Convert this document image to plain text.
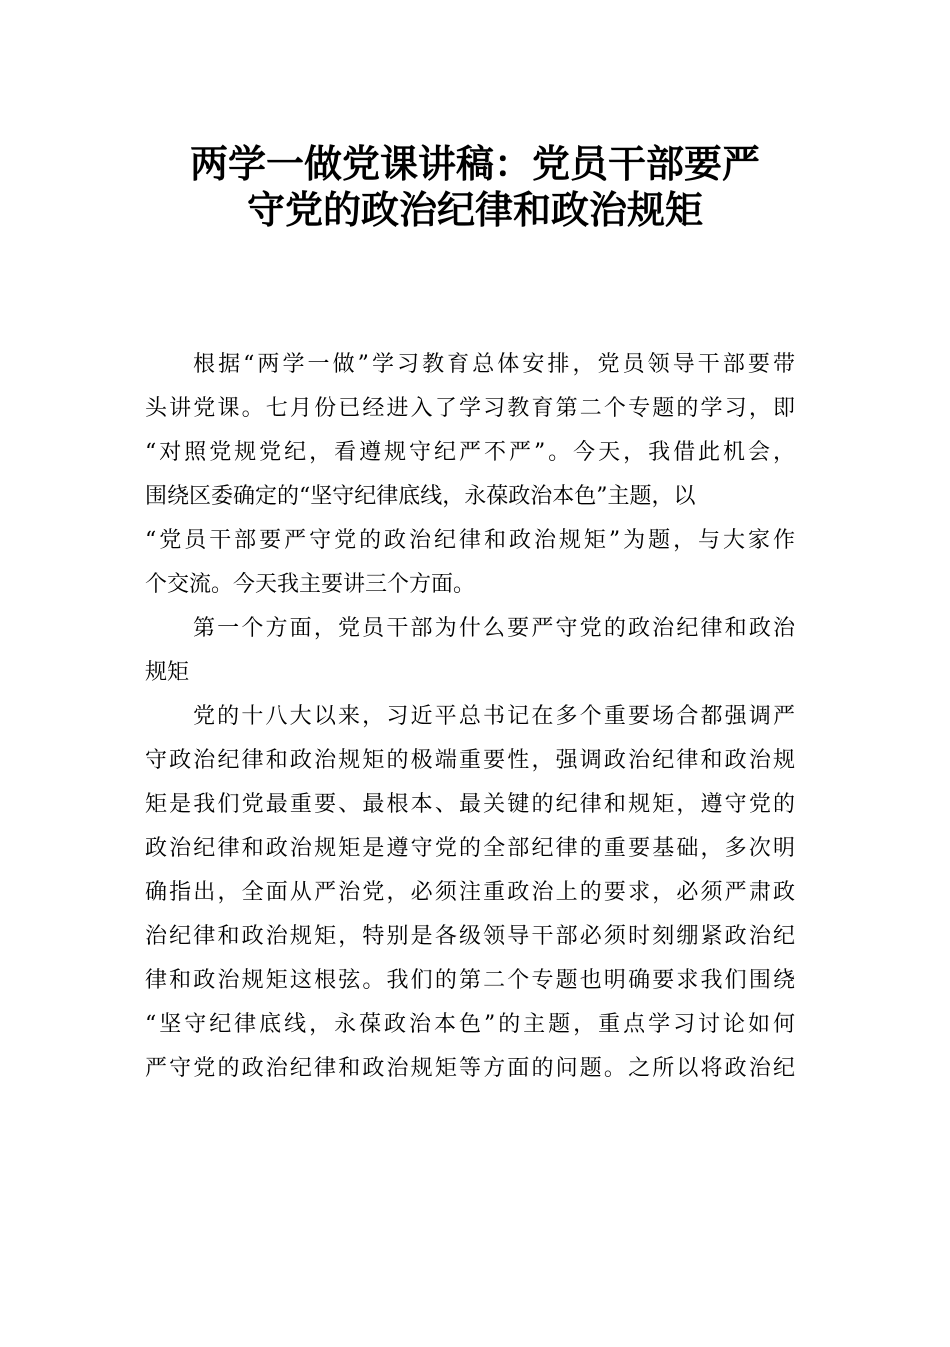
两学一做党课讲稿：党员干部要严
守党的政治纪律和政治规矩
根据“两学一做”学习教育总体安排，党员领导干部要带
头讲党课。七月份已经进入了学习教育第二个专题的学习，即
“对照党规党纪，看遵规守纪严不严”。今天，我借此机会，
围绕区委确定的“坚守纪律底线，永葆政治本色”主题，以
“党员干部要严守党的政治纪律和政治规矩”为题，与大家作
个交流。今天我主要讲三个方面。
第一个方面，党员干部为什么要严守党的政治纪律和政治
规矩
党的十八大以来，习近平总书记在多个重要场合都强调严
守政治纪律和政治规矩的极端重要性，强调政治纪律和政治规
矩是我们党最重要、最根本、最关键的纪律和规矩，遵守党的
政治纪律和政治规矩是遵守党的全部纪律的重要基础，多次明
确指出，全面从严治党，必须注重政治上的要求，必须严肃政
治纪律和政治规矩，特别是各级领导干部必须时刻绷紧政治纪
律和政治规矩这根弦。我们的第二个专题也明确要求我们围绕
“坚守纪律底线，永葆政治本色”的主题，重点学习讨论如何
严守党的政治纪律和政治规矩等方面的问题。之所以将政治纪
